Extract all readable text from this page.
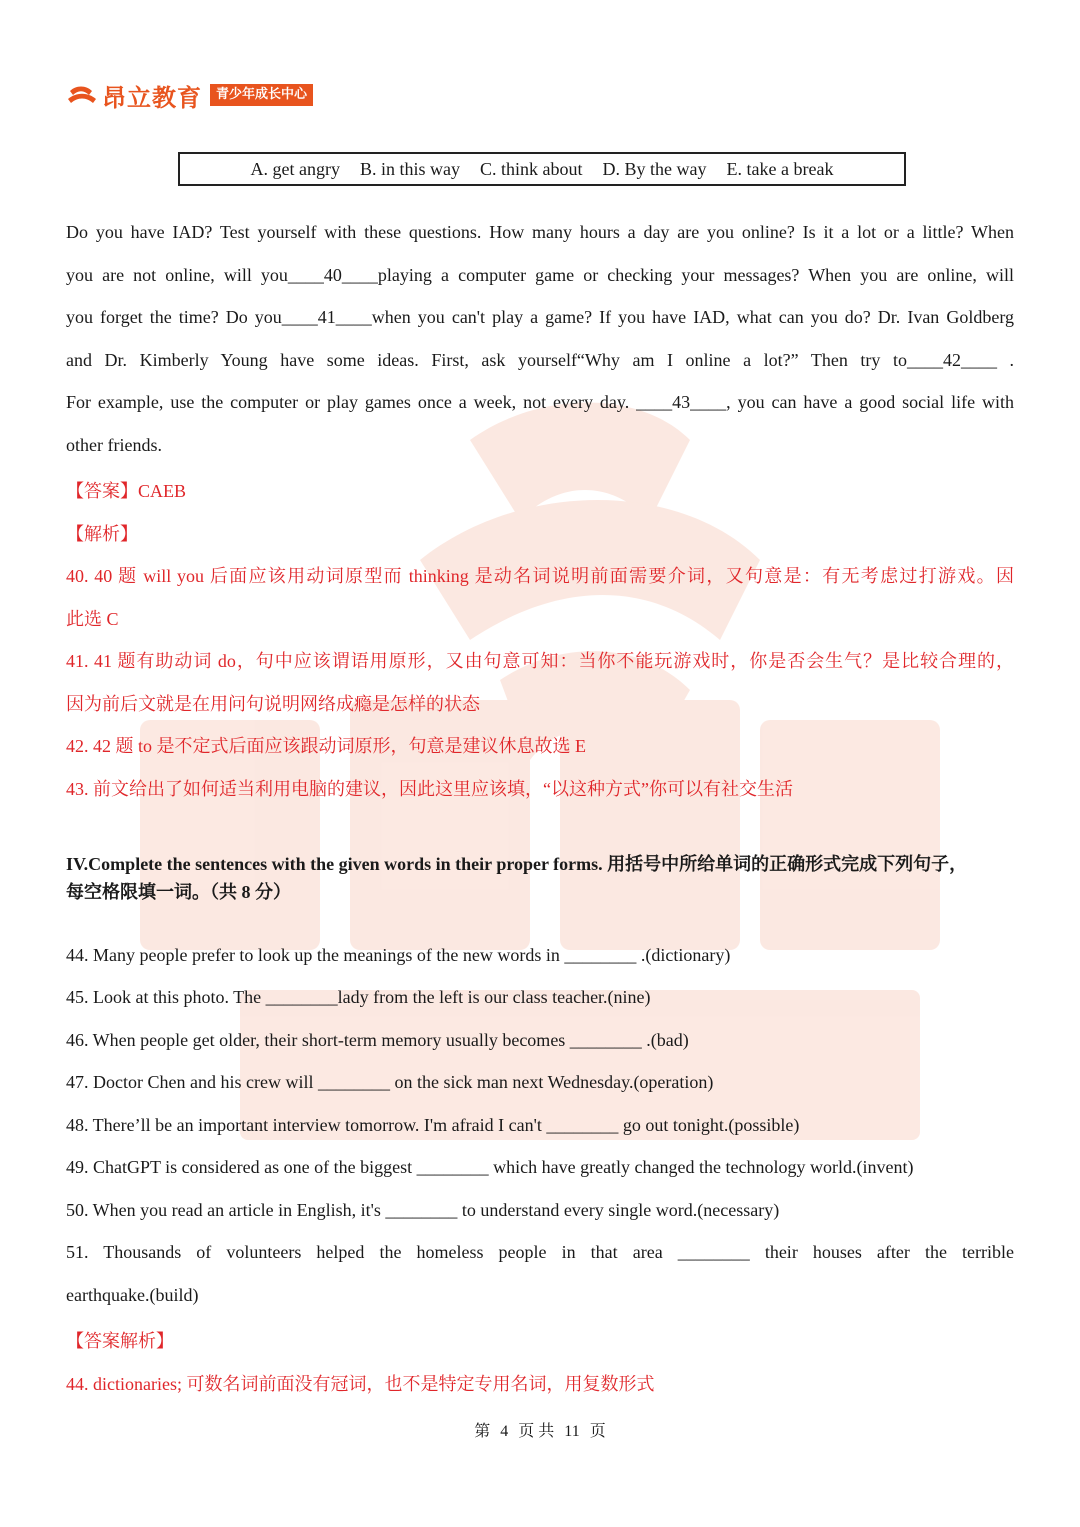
昂立教育	青少年成长中心
A. get angry B. in this way C. think about D. By the way E. take a break
Do you have IAD? Test yourself with these questions. How many hours a day are you online? Is it a lot or a little? When
you are not online, will you____40____playing a computer game or checking your messages? When you are online, will
you forget the time? Do you____41____when you can't play a game? If you have IAD, what can you do? Dr. Ivan Goldberg
and Dr. Kimberly Young have some ideas. First, ask yourself“Why am I online a lot?” Then try to____42____ .
For example, use the computer or play games once a week, not every day. ____43____, you can have a good social life with
other friends.
【答案】CAEB
【解析】
40. 40 题 will you 后面应该用动词原型而 thinking 是动名词说明前面需要介词，又句意是：有无考虑过打游戏。因
此选 C
41. 41 题有助动词 do，句中应该谓语用原形，又由句意可知：当你不能玩游戏时，你是否会生气？是比较合理的，
因为前后文就是在用问句说明网络成瘾是怎样的状态
42. 42 题 to 是不定式后面应该跟动词原形，句意是建议休息故选 E
43. 前文给出了如何适当利用电脑的建议，因此这里应该填，“以这种方式”你可以有社交生活
IV.Complete the sentences with the given words in their proper forms. 用括号中所给单词的正确形式完成下列句子，
每空格限填一词。（共 8 分）
44. Many people prefer to look up the meanings of the new words in ________ .(dictionary)
45. Look at this photo. The ________lady from the left is our class teacher.(nine)
46. When people get older, their short-term memory usually becomes ________ .(bad)
47. Doctor Chen and his crew will ________ on the sick man next Wednesday.(operation)
48. There’ll be an important interview tomorrow. I'm afraid I can't ________ go out tonight.(possible)
49. ChatGPT is considered as one of the biggest ________ which have greatly changed the technology world.(invent)
50. When you read an article in English, it's ________ to understand every single word.(necessary)
51. Thousands of volunteers helped the homeless people in that area ________ their houses after the terrible
earthquake.(build)
【答案解析】
44. dictionaries; 可数名词前面没有冠词，也不是特定专用名词，用复数形式
第 4 页 共 11 页
